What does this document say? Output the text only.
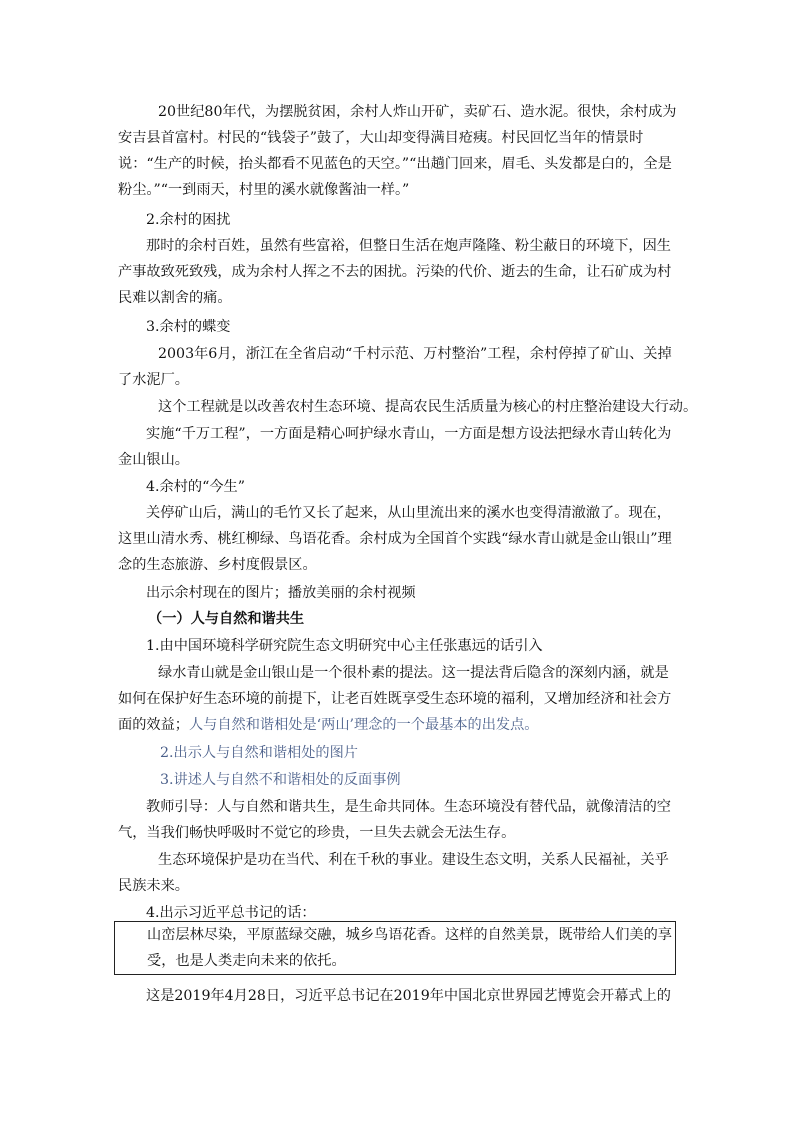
20世纪80年代，为摆脱贫困，余村人炸山开矿，卖矿石、造水泥。很快，余村成为安吉县首富村。村民的“钱袋子”鼓了，大山却变得满目疮痍。村民回忆当年的情景时说：“生产的时候，抬头都看不见蓝色的天空。”“出趟门回来，眉毛、头发都是白的，全是粉尘。”“一到雨天，村里的溪水就像酱油一样。”

2.余村的困扰

那时的余村百姓，虽然有些富裕，但整日生活在炮声隆隆、粉尘蔽日的环境下，因生产事故致死致残，成为余村人挥之不去的困扰。污染的代价、逝去的生命，让石矿成为村民难以割舍的痛。

3.余村的蝶变

2003年6月，浙江在全省启动“千村示范、万村整治”工程，余村停掉了矿山、关掉了水泥厂。

这个工程就是以改善农村生态环境、提高农民生活质量为核心的村庄整治建设大行动。

实施“千万工程”，一方面是精心呵护绿水青山，一方面是想方设法把绿水青山转化为金山银山。

4.余村的“今生”

关停矿山后，满山的毛竹又长了起来，从山里流出来的溪水也变得清澈澈了。现在，这里山清水秀、桃红柳绿、鸟语花香。余村成为全国首个实践“绿水青山就是金山银山”理念的生态旅游、乡村度假景区。

出示余村现在的图片；播放美丽的余村视频

（一）人与自然和谐共生

1.由中国环境科学研究院生态文明研究中心主任张惠远的话引入

绿水青山就是金山银山是一个很朴素的提法。这一提法背后隐含的深刻内涵，就是如何在保护好生态环境的前提下，让老百姓既享受生态环境的福利，又增加经济和社会方面的效益；人与自然和谐相处是‘两山’理念的一个最基本的出发点。

2.出示人与自然和谐相处的图片

3.讲述人与自然不和谐相处的反面事例

教师引导：人与自然和谐共生，是生命共同体。生态环境没有替代品，就像清洁的空气，当我们畅快呼吸时不觉它的珍贵，一旦失去就会无法生存。

生态环境保护是功在当代、利在千秋的事业。建设生态文明，关系人民福祉，关乎民族未来。

4.出示习近平总书记的话：

山峦层林尽染，平原蓝绿交融，城乡鸟语花香。这样的自然美景，既带给人们美的享受，也是人类走向未来的依托。

这是2019年4月28日，习近平总书记在2019年中国北京世界园艺博览会开幕式上的
